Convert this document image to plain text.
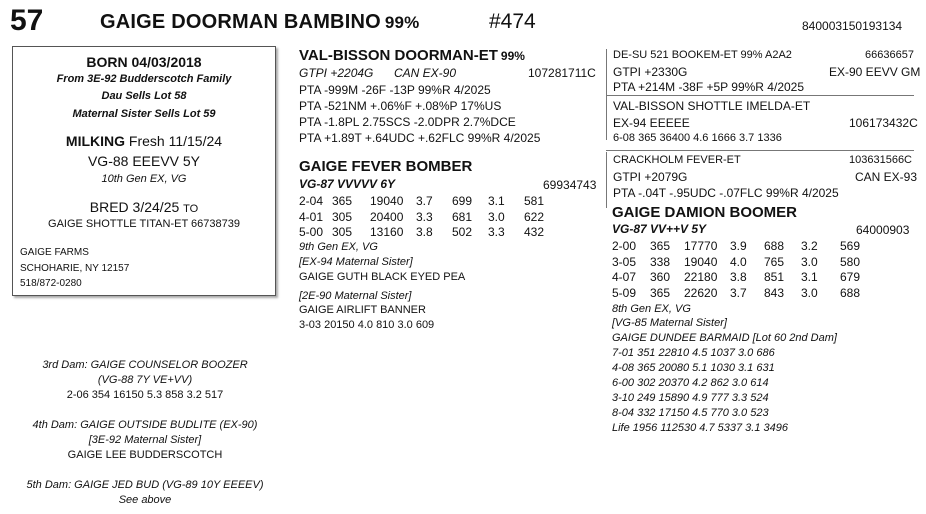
57	GAIGE DOORMAN BAMBINO 99%	#474	840003150193134
BORN 04/03/2018
From 3E-92 Budderscotch Family
Dau Sells Lot 58
Maternal Sister Sells Lot 59
MILKING Fresh 11/15/24
VG-88 EEEVV 5Y
10th Gen EX, VG
BRED 3/24/25 TO
GAIGE SHOTTLE TITAN-ET 66738739
GAIGE FARMS
SCHOHARIE, NY 12157
518/872-0280
3rd Dam: GAIGE COUNSELOR BOOZER
(VG-88 7Y VE+VV)
2-06 354 16150 5.3 858 3.2 517
4th Dam: GAIGE OUTSIDE BUDLITE (EX-90)
[3E-92 Maternal Sister]
GAIGE LEE BUDDERSCOTCH
5th Dam: GAIGE JED BUD (VG-89 10Y EEEEV)
See above
VAL-BISSON DOORMAN-ET 99%
GTPI +2204G CAN EX-90	107281711C
PTA -999M -26F -13P 99%R 4/2025
PTA -521NM +.06%F +.08%P 17%US
PTA -1.8PL 2.75SCS -2.0DPR 2.7%DCE
PTA +1.89T +.64UDC +.62FLC 99%R 4/2025
GAIGE FEVER BOMBER
VG-87 VVVVV 6Y	69934743
2-04 365 19040 3.7 699 3.1 581
4-01 305 20400 3.3 681 3.0 622
5-00 305 13160 3.8 502 3.3 432
9th Gen EX, VG
[EX-94 Maternal Sister]
GAIGE GUTH BLACK EYED PEA
[2E-90 Maternal Sister]
GAIGE AIRLIFT BANNER
3-03 20150 4.0 810 3.0 609
DE-SU 521 BOOKEM-ET 99% A2A2	66636657
GTPI +2330G	EX-90 EEVV GM
PTA +214M -38F +5P 99%R 4/2025
VAL-BISSON SHOTTLE IMELDA-ET
EX-94 EEEEE	106173432C
6-08 365 36400 4.6 1666 3.7 1336
CRACKHOLM FEVER-ET	103631566C
GTPI +2079G	CAN EX-93
PTA -.04T -.95UDC -.07FLC 99%R 4/2025
GAIGE DAMION BOOMER
VG-87 VV++V 5Y	64000903
2-00 365 17770 3.9 688 3.2 569
3-05 338 19040 4.0 765 3.0 580
4-07 360 22180 3.8 851 3.1 679
5-09 365 22620 3.7 843 3.0 688
8th Gen EX, VG
[VG-85 Maternal Sister]
GAIGE DUNDEE BARMAID [Lot 60 2nd Dam]
7-01 351 22810 4.5 1037 3.0 686
4-08 365 20080 5.1 1030 3.1 631
6-00 302 20370 4.2 862 3.0 614
3-10 249 15890 4.9 777 3.3 524
8-04 332 17150 4.5 770 3.0 523
Life 1956 112530 4.7 5337 3.1 3496
